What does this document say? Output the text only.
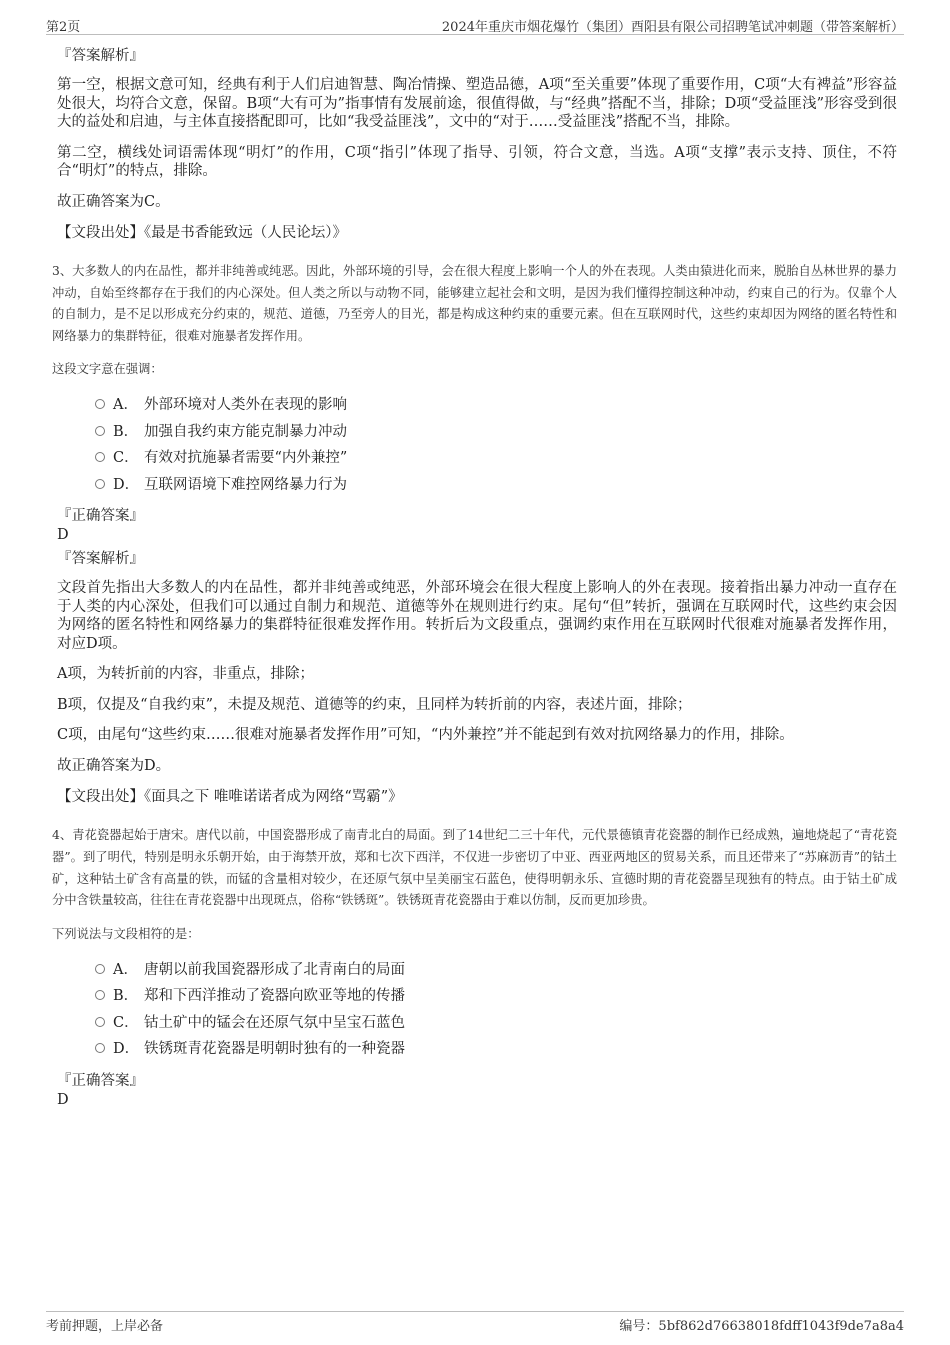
第2页	2024年重庆市烟花爆竹（集团）酉阳县有限公司招聘笔试冲刺题（带答案解析）
『答案解析』

第一空，根据文意可知，经典有利于人们启迪智慧、陶冶情操、塑造品德，A项“至关重要”体现了重要作用，C项“大有裨益”形容益处很大，均符合文意，保留。B项“大有可为”指事情有发展前途，很值得做，与“经典”搭配不当，排除；D项“受益匪浅”形容受到很大的益处和启迪，与主体直接搭配即可，比如“我受益匪浅”，文中的“对于……受益匪浅”搭配不当，排除。

第二空，横线处词语需体现“明灯”的作用，C项“指引”体现了指导、引领，符合文意，当选。A项“支撑”表示支持、顶住，不符合“明灯”的特点，排除。

故正确答案为C。

【文段出处】《最是书香能致远（人民论坛）》

3、大多数人的内在品性，都并非纯善或纯恶。因此，外部环境的引导，会在很大程度上影响一个人的外在表现。人类由猿进化而来，脱胎自丛林世界的暴力冲动，自始至终都存在于我们的内心深处。但人类之所以与动物不同，能够建立起社会和文明，是因为我们懂得控制这种冲动，约束自己的行为。仅靠个人的自制力，是不足以形成充分约束的，规范、道德，乃至旁人的目光，都是构成这种约束的重要元素。但在互联网时代，这些约束却因为网络的匿名特性和网络暴力的集群特征，很难对施暴者发挥作用。

这段文字意在强调：

A． 外部环境对人类外在表现的影响
B． 加强自我约束方能克制暴力冲动
C． 有效对抗施暴者需要“内外兼控”
D． 互联网语境下难控网络暴力行为
『正确答案』
D
『答案解析』

文段首先指出大多数人的内在品性，都并非纯善或纯恶，外部环境会在很大程度上影响人的外在表现。接着指出暴力冲动一直存在于人类的内心深处，但我们可以通过自制力和规范、道德等外在规则进行约束。尾句“但”转折，强调在互联网时代，这些约束会因为网络的匿名特性和网络暴力的集群特征很难发挥作用。转折后为文段重点，强调约束作用在互联网时代很难对施暴者发挥作用，对应D项。

A项，为转折前的内容，非重点，排除；

B项，仅提及“自我约束”，未提及规范、道德等的约束，且同样为转折前的内容，表述片面，排除；

C项，由尾句“这些约束……很难对施暴者发挥作用”可知，“内外兼控”并不能起到有效对抗网络暴力的作用，排除。

故正确答案为D。

【文段出处】《面具之下 唯唯诺诺者成为网络“骂霸”》

4、青花瓷器起始于唐宋。唐代以前，中国瓷器形成了南青北白的局面。到了14世纪二三十年代，元代景德镇青花瓷器的制作已经成熟，遍地烧起了“青花瓷器”。到了明代，特别是明永乐朝开始，由于海禁开放，郑和七次下西洋，不仅进一步密切了中亚、西亚两地区的贸易关系，而且还带来了“苏麻沥青”的钴土矿，这种钴土矿含有高量的铁，而锰的含量相对较少，在还原气氛中呈美丽宝石蓝色，使得明朝永乐、宣德时期的青花瓷器呈现独有的特点。由于钴土矿成分中含铁量较高，往往在青花瓷器中出现斑点，俗称“铁锈斑”。铁锈斑青花瓷器由于难以仿制，反而更加珍贵。

下列说法与文段相符的是：

A． 唐朝以前我国瓷器形成了北青南白的局面
B． 郑和下西洋推动了瓷器向欧亚等地的传播
C． 钴土矿中的锰会在还原气氛中呈宝石蓝色
D． 铁锈斑青花瓷器是明朝时独有的一种瓷器
『正确答案』
D
考前押题，上岸必备	编号：5bf862d76638018fdff1043f9de7a8a4
